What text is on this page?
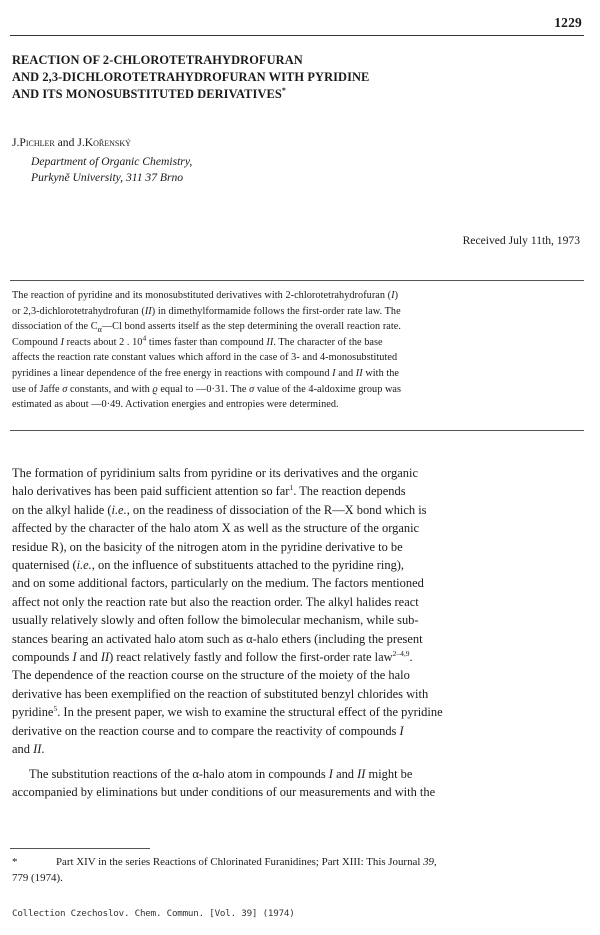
1229
REACTION OF 2-CHLOROTETRAHYDROFURAN
AND 2,3-DICHLOROTETRAHYDROFURAN WITH PYRIDINE
AND ITS MONOSUBSTITUTED DERIVATIVES*
J.Pichler and J.Kořenský
Department of Organic Chemistry,
Purkyně University, 311 37 Brno
Received July 11th, 1973
The reaction of pyridine and its monosubstituted derivatives with 2-chlorotetrahydrofuran (I)
or 2,3-dichlorotetrahydrofuran (II) in dimethylformamide follows the first-order rate law. The
dissociation of the $C_\alpha—Cl$ bond asserts itself as the step determining the overall reaction rate.
Compound I reacts about 2 . $10^4$ times faster than compound II. The character of the base
affects the reaction rate constant values which afford in the case of 3- and 4-monosubstituted
pyridines a linear dependence of the free energy in reactions with compound I and II with the
use of Jaffe σ constants, and with ϱ equal to —0·31. The σ value of the 4-aldoxime group was
estimated as about —0·49. Activation energies and entropies were determined.
The formation of pyridinium salts from pyridine or its derivatives and the organic
halo derivatives has been paid sufficient attention so far$^1$. The reaction depends
on the alkyl halide (i.e., on the readiness of dissociation of the R—X bond which is
affected by the character of the halo atom X as well as the structure of the organic
residue R), on the basicity of the nitrogen atom in the pyridine derivative to be
quaternised (i.e., on the influence of substituents attached to the pyridine ring),
and on some additional factors, particularly on the medium. The factors mentioned
affect not only the reaction rate but also the reaction order. The alkyl halides react
usually relatively slowly and often follow the bimolecular mechanism, while sub-
stances bearing an activated halo atom such as α-halo ethers (including the present
compounds I and II) react relatively fastly and follow the first-order rate law$^{2-4,9}$.
The dependence of the reaction course on the structure of the moiety of the halo
derivative has been exemplified on the reaction of substituted benzyl chlorides with
pyridine$^5$. In the present paper, we wish to examine the structural effect of the pyridine
derivative on the reaction course and to compare the reactivity of compounds I
and II.
The substitution reactions of the α-halo atom in compounds I and II might be
accompanied by eliminations but under conditions of our measurements and with the
*	Part XIV in the series Reactions of Chlorinated Furanidines; Part XIII: This Journal 39,
779 (1974).
Collection Czechoslov. Chem. Commun. [Vol. 39] (1974)
